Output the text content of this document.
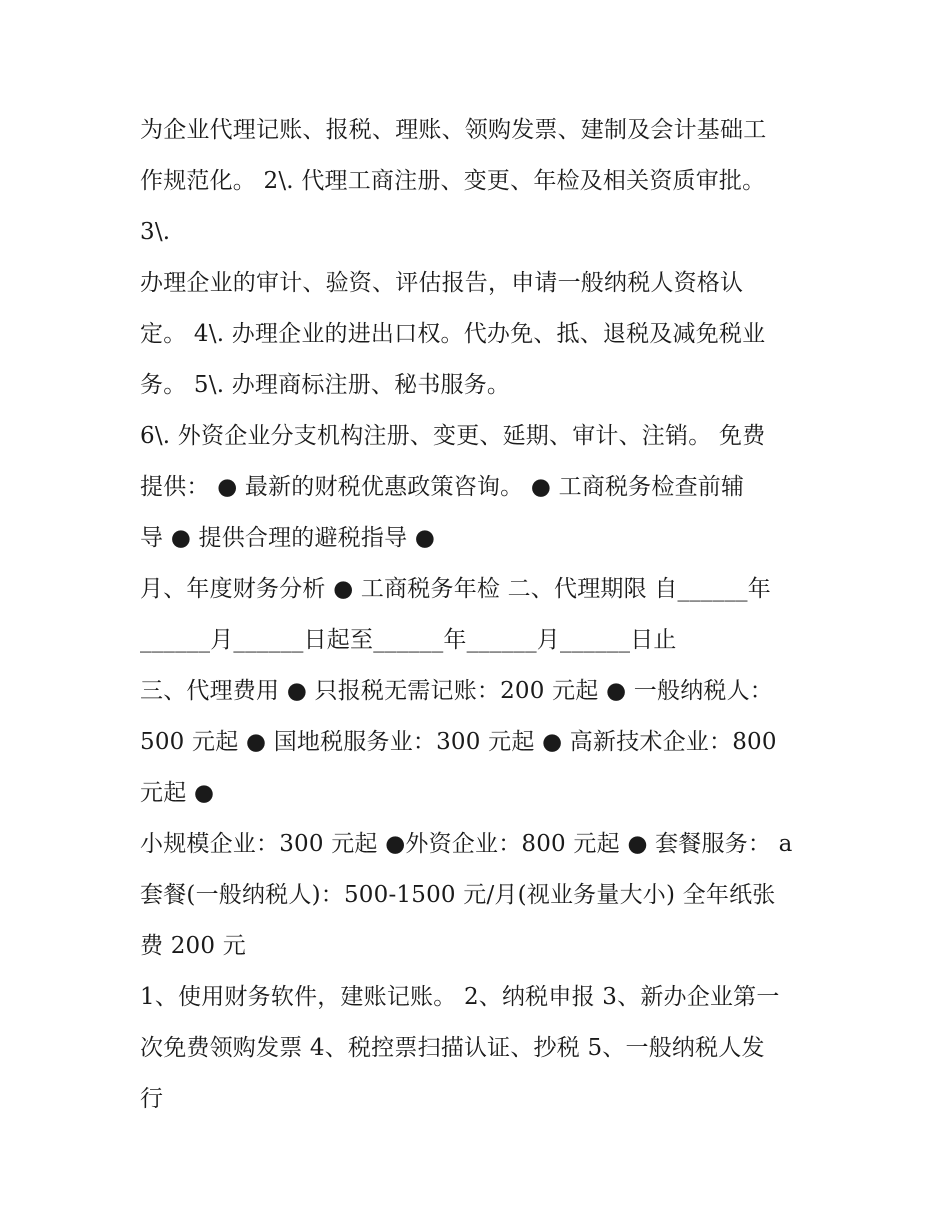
为企业代理记账、报税、理账、领购发票、建制及会计基础工
作规范化。 2\. 代理工商注册、变更、年检及相关资质审批。
3\.
办理企业的审计、验资、评估报告，申请一般纳税人资格认
定。 4\. 办理企业的进出口权。代办免、抵、退税及减免税业
务。 5\. 办理商标注册、秘书服务。
6\. 外资企业分支机构注册、变更、延期、审计、注销。 免费
提供： ● 最新的财税优惠政策咨询。 ● 工商税务检查前辅
导 ● 提供合理的避税指导 ●
月、年度财务分析 ● 工商税务年检 二、代理期限 自______年
______月______日起至______年______月______日止
三、代理费用 ● 只报税无需记账：200 元起 ● 一般纳税人：
500 元起 ● 国地税服务业：300 元起 ● 高新技术企业：800
元起 ●
小规模企业：300 元起 ●外资企业：800 元起 ● 套餐服务： a
套餐(一般纳税人)：500-1500 元/月(视业务量大小) 全年纸张
费 200 元
1、使用财务软件，建账记账。 2、纳税申报 3、新办企业第一
次免费领购发票 4、税控票扫描认证、抄税 5、一般纳税人发
行
